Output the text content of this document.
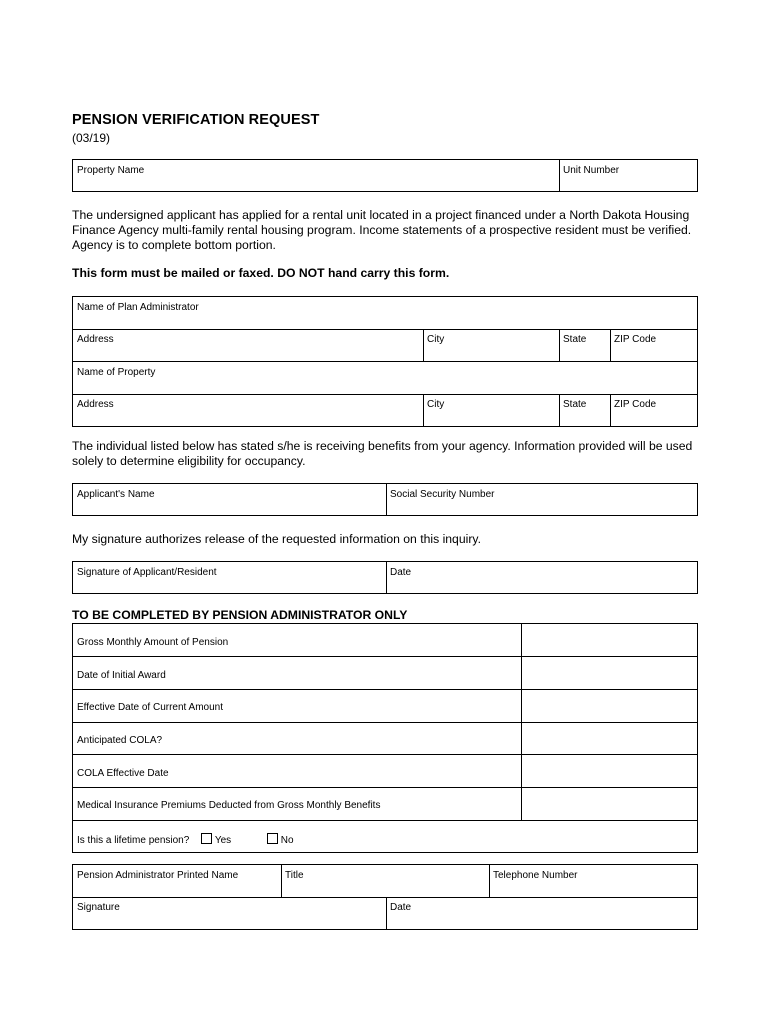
PENSION VERIFICATION REQUEST
(03/19)
Property Name	Unit Number
The undersigned applicant has applied for a rental unit located in a project financed under a North Dakota Housing Finance Agency multi-family rental housing program. Income statements of a prospective resident must be verified. Agency is to complete bottom portion.
This form must be mailed or faxed. DO NOT hand carry this form.
Name of Plan Administrator
Address	City	State	ZIP Code
Name of Property
Address	City	State	ZIP Code
The individual listed below has stated s/he is receiving benefits from your agency. Information provided will be used solely to determine eligibility for occupancy.
Applicant's Name	Social Security Number
My signature authorizes release of the requested information on this inquiry.
Signature of Applicant/Resident	Date
TO BE COMPLETED BY PENSION ADMINISTRATOR ONLY
Gross Monthly Amount of Pension
Date of Initial Award
Effective Date of Current Amount
Anticipated COLA?
COLA Effective Date
Medical Insurance Premiums Deducted from Gross Monthly Benefits
Is this a lifetime pension?	Yes	No
Pension Administrator Printed Name	Title	Telephone Number
Signature	Date
